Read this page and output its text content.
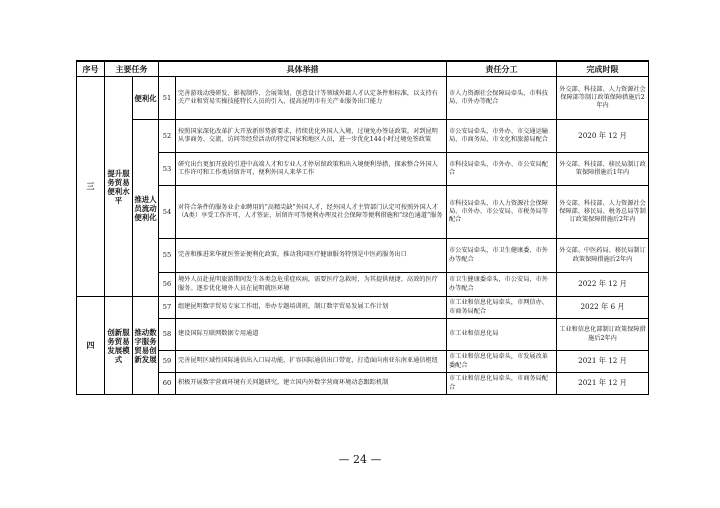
序号	主要任务		具体举措		责任分工	完成时限
三	提升服务贸易便利水平	便利化	51	完善游戏动漫研发、影视制作、会展策划、创意设计等领域外籍人才认定条件和标准，以支持有关产业和贸易实操技能特长人员的引入，提高昆明市有关产业服务出口能力	市人力资源社会保障局牵头，市科技局、市外办等配合	外交部、科技部、人力资源社会保障部等制订政策保障措施后2年内
		推进人员流动便利化	52	按照国家深化改革扩大开放新形势新要求，持续优化外国人入境、过境免办签证政策。对到昆明从事商务、交流、访问等经贸活动的特定国家和地区人员，进一步优化144小时过境免签政策	市公安局牵头，市外办、市交通运输局、市商务局、市文化和旅游局配合	2020 年 12 月
			53	研究出台更加开放的引进中高端人才和专业人才停居留政策和出入境便利举措，探索整合外国人工作许可和工作类居留许可，便利外国人来华工作	市科技局牵头，市外办、市公安局配合	外交部、科技部、移民局制订政策保障措施后1年内
			54	对符合条件的服务业企业聘用的“高精尖缺”外国人才，经外国人才主管部门认定可按照外国人才（A类）享受工作许可、人才签证、居留许可等便利办理及社会保障等便利措施和“绿色通道”服务	市科技局牵头，市人力资源社会保障局、市外办、市公安局、市税务局等配合	外交部、科技部、人力资源社会保障部、移民局、税务总局等制订政策保障措施后2年内
			55	完善和推进来华就医签证便利化政策，推动我国医疗健康服务特别是中医药服务出口	市公安局牵头，市卫生健康委、市外办等配合	外交部、中医药局、移民局制订政策保障措施后2年内
			56	境外人员赴昆明旅游期间发生各类急危重症疾病，需要医疗急救时，为其提供便捷、高效的医疗服务。逐步优化境外人员在昆明就医环境	市卫生健康委牵头，市公安局、市外办等配合	2022 年 12 月
四	创新服务贸易发展模式	推动数字服务贸易创新发展	57	组建昆明数字贸易专家工作组，举办专题培训班，制订数字贸易发展工作计划	市工业和信息化局牵头，市网信办、市商务局配合	2022 年 6 月
			58	建设国际互联网数据专用通道	市工业和信息化局	工业和信息化部制订政策保障措施后2年内
			59	完善昆明区域性国际通信出入口局功能，扩容国际通信出口带宽，打造面向南亚东南亚通信枢纽	市工业和信息化局牵头，市发展改革委配合	2021 年 12 月
			60	积极开展数字营商环境有关问题研究，建立国内外数字营商环境动态跟踪机制	市工业和信息化局牵头，市商务局配合	2021 年 12 月
— 24 —
